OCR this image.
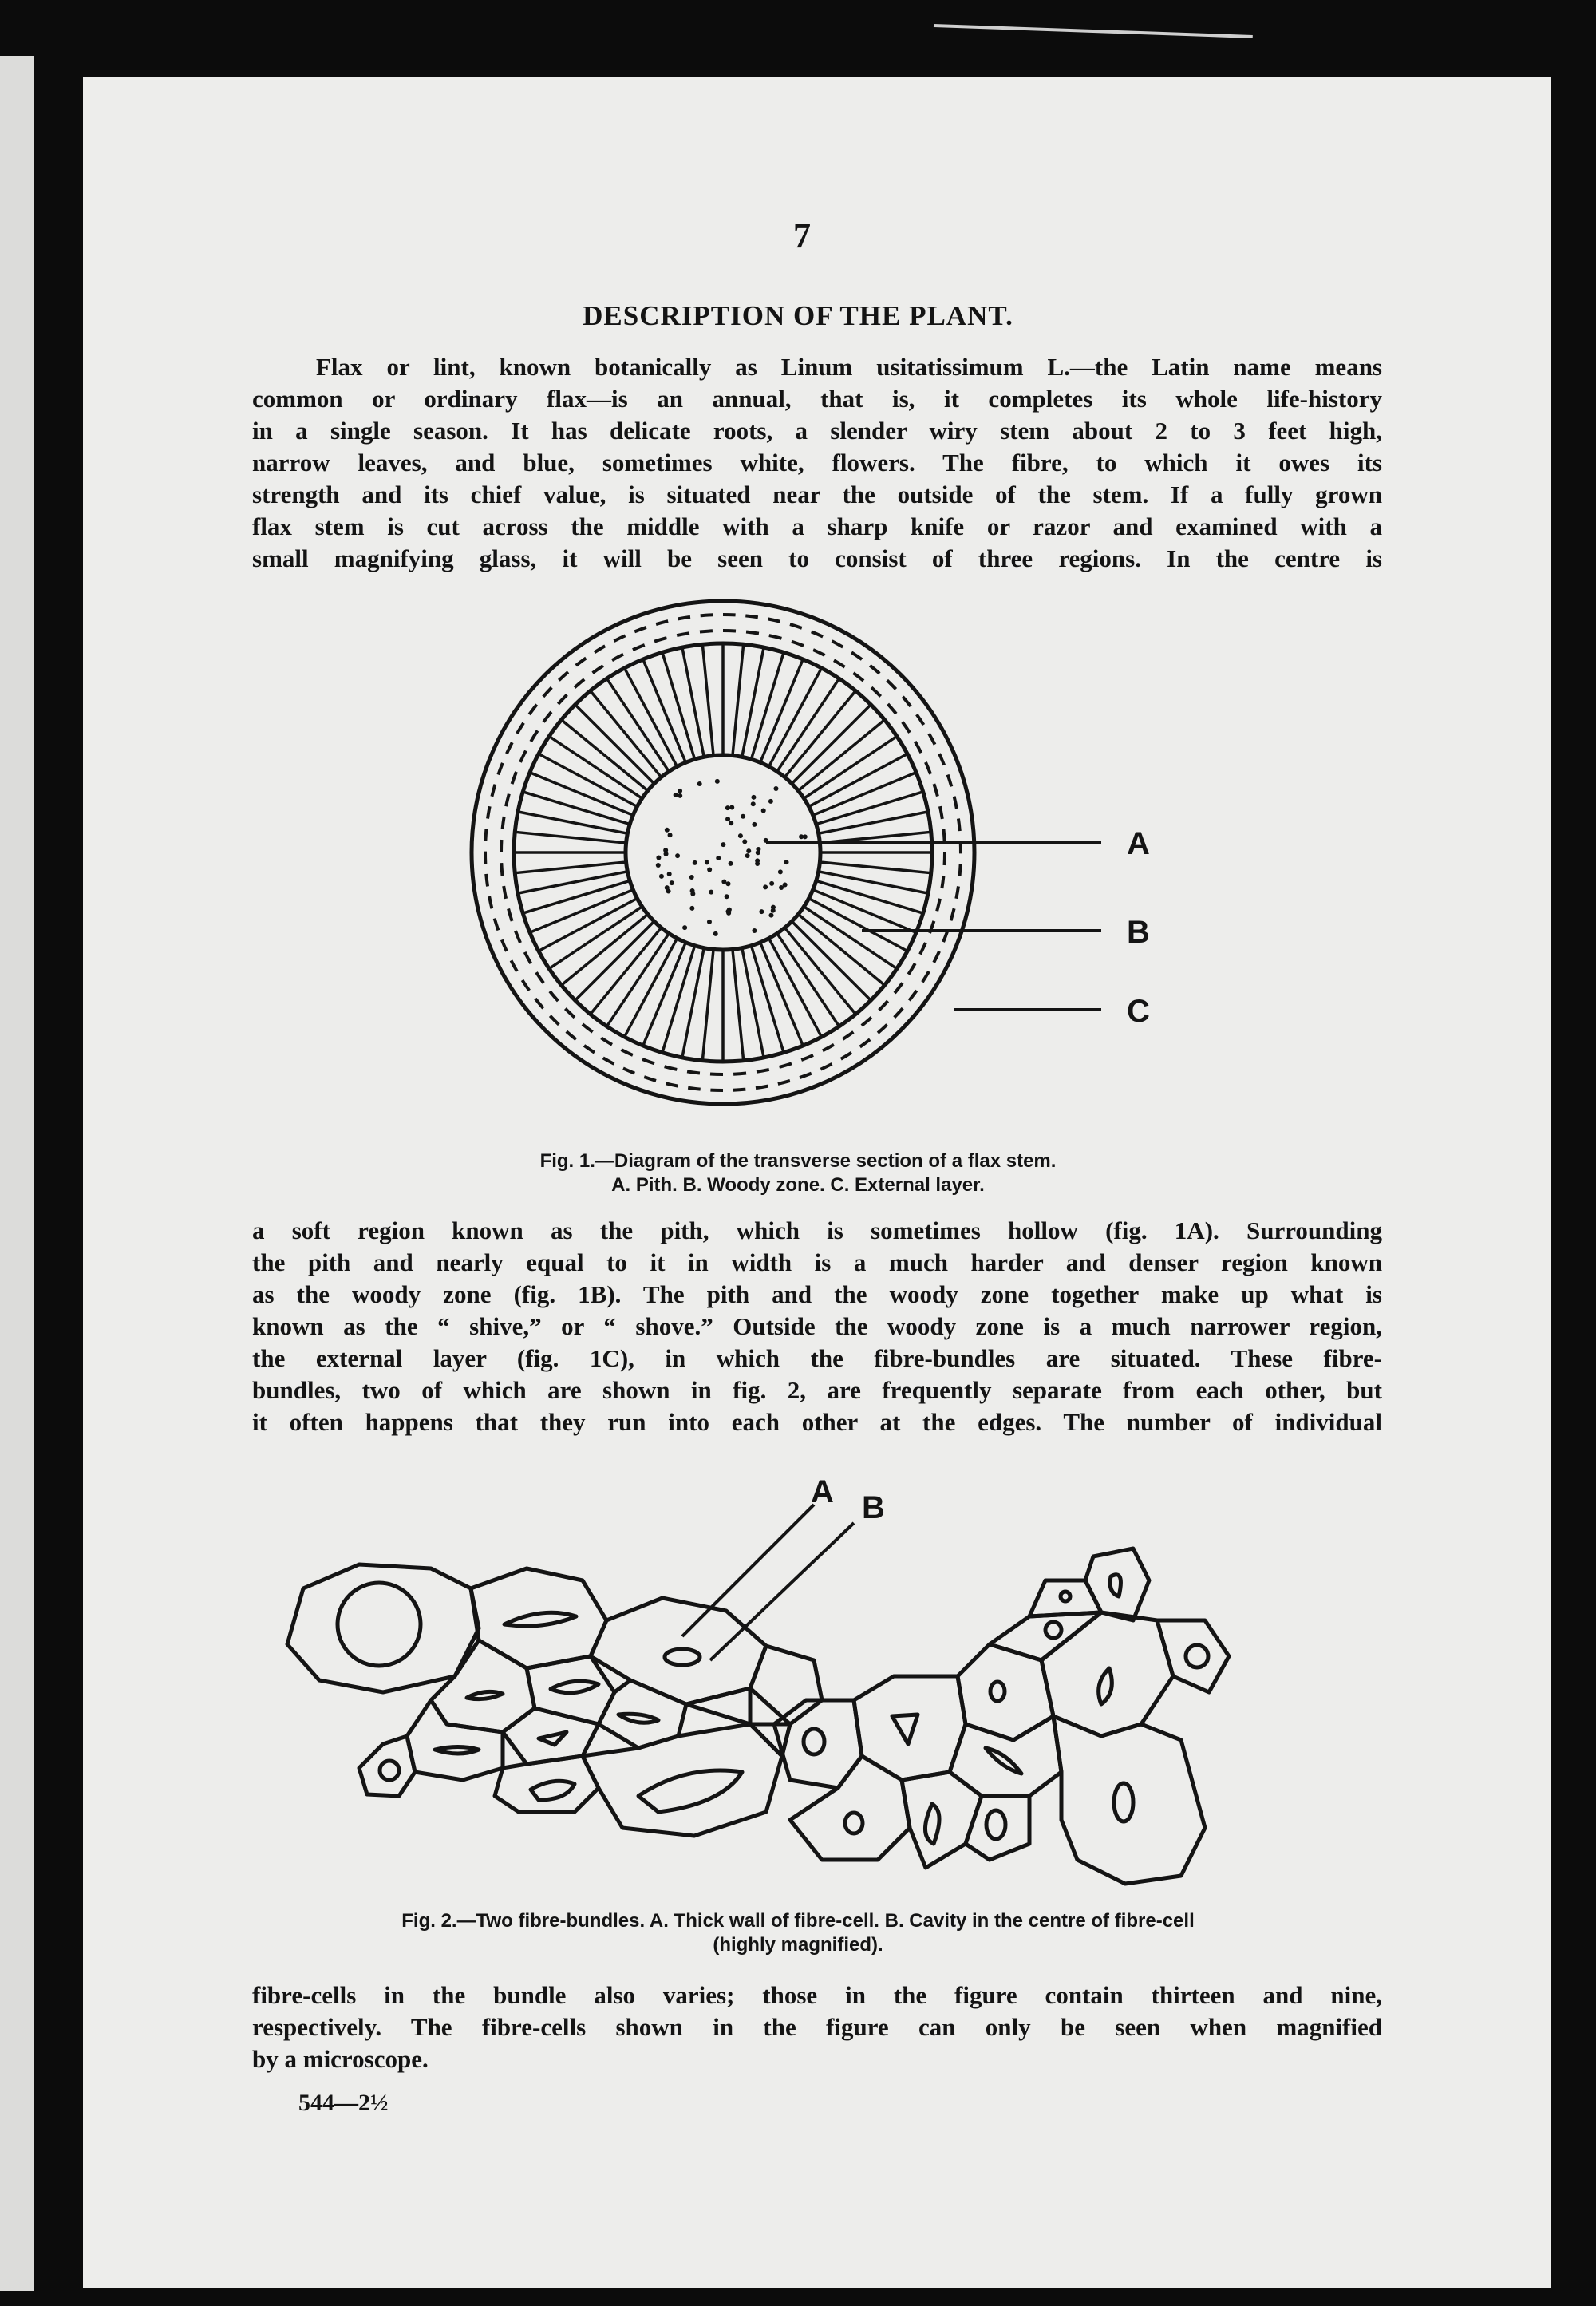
7
DESCRIPTION OF THE PLANT.
Flax or lint, known botanically as Linum usitatissimum L.—the Latin name means
common or ordinary flax—is an annual, that is, it completes its whole life-history
in a single season. It has delicate roots, a slender wiry stem about 2 to 3 feet high,
narrow leaves, and blue, sometimes white, flowers. The fibre, to which it owes its
strength and its chief value, is situated near the outside of the stem. If a fully grown
flax stem is cut across the middle with a sharp knife or razor and examined with a
small magnifying glass, it will be seen to consist of three regions. In the centre is
A
B
C
Fig. 1.—Diagram of the transverse section of a flax stem.
A. Pith. B. Woody zone. C. External layer.
a soft region known as the pith, which is sometimes hollow (fig. 1A). Surrounding
the pith and nearly equal to it in width is a much harder and denser region known
as the woody zone (fig. 1B). The pith and the woody zone together make up what is
known as the “ shive,” or “ shove.” Outside the woody zone is a much narrower region,
the external layer (fig. 1C), in which the fibre-bundles are situated. These fibre-
bundles, two of which are shown in fig. 2, are frequently separate from each other, but
it often happens that they run into each other at the edges. The number of individual
A B
Fig. 2.—Two fibre-bundles. A. Thick wall of fibre-cell. B. Cavity in the centre of fibre-cell
(highly magnified).
fibre-cells in the bundle also varies; those in the figure contain thirteen and nine,
respectively. The fibre-cells shown in the figure can only be seen when magnified
by a microscope.
544—2½
